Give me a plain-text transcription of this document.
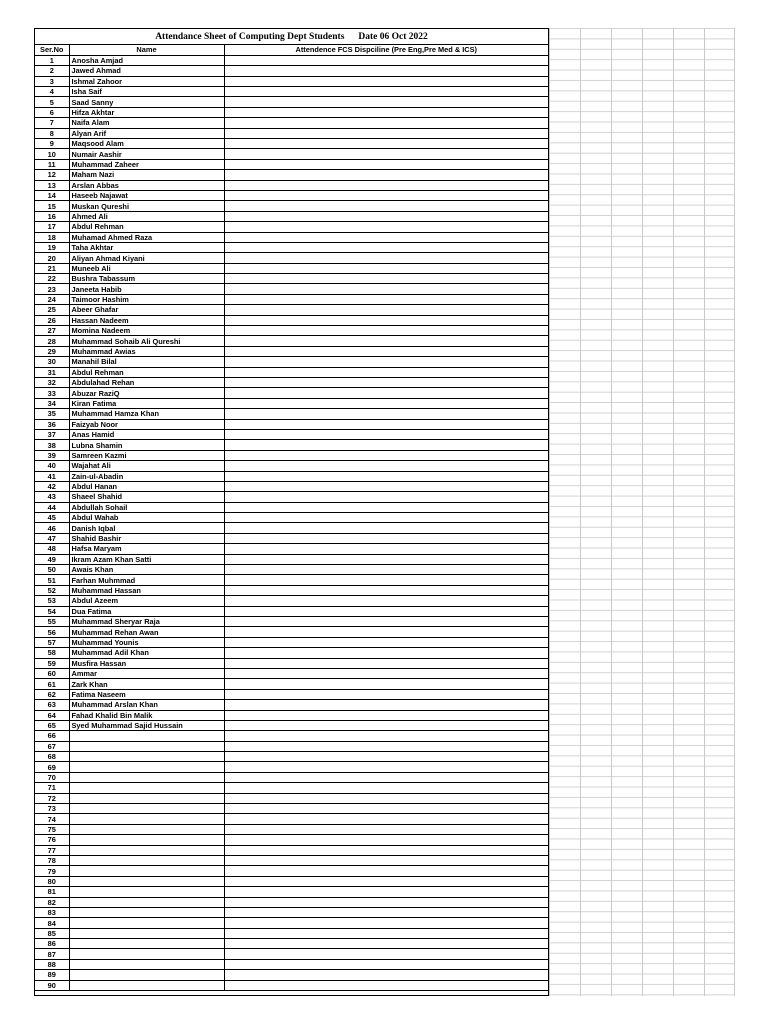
Attendance Sheet of Computing Dept Students Date 06 Oct 2022
Ser.No	Name	Attendence FCS Dispciline (Pre Eng,Pre Med & ICS)
1	Anosha Amjad	
2	Jawed Ahmad	
3	Ishmal Zahoor	
4	Isha Saif	
5	Saad Sanny	
6	Hifza Akhtar	
7	Naifa Alam	
8	Alyan Arif	
9	Maqsood Alam	
10	Numair Aashir	
11	Muhammad Zaheer	
12	Maham Nazi	
13	Arslan Abbas	
14	Haseeb Najawat	
15	Muskan Qureshi	
16	Ahmed Ali	
17	Abdul Rehman	
18	Muhamad Ahmed Raza	
19	Taha Akhtar	
20	Aliyan Ahmad Kiyani	
21	Muneeb Ali	
22	Bushra Tabassum	
23	Janeeta Habib	
24	Taimoor Hashim	
25	Abeer Ghafar	
26	Hassan Nadeem	
27	Momina Nadeem	
28	Muhammad Sohaib Ali Qureshi	
29	Muhammad Awias	
30	Manahil Bilal	
31	Abdul Rehman	
32	Abdulahad Rehan	
33	Abuzar RaziQ	
34	Kiran Fatima	
35	Muhammad Hamza Khan	
36	Faizyab Noor	
37	Anas Hamid	
38	Lubna Shamin	
39	Samreen Kazmi	
40	Wajahat Ali	
41	Zain-ul-Abadin	
42	Abdul Hanan	
43	Shaeel Shahid	
44	Abdullah Sohail	
45	Abdul Wahab	
46	Danish Iqbal	
47	Shahid Bashir	
48	Hafsa Maryam	
49	Ikram Azam Khan Satti	
50	Awais Khan	
51	Farhan Muhmmad	
52	Muhammad Hassan	
53	Abdul Azeem	
54	Dua Fatima	
55	Muhammad Sheryar Raja	
56	Muhammad Rehan Awan	
57	Muhammad Younis	
58	Muhammad Adil Khan	
59	Musfira Hassan	
60	Ammar	
61	Zark Khan	
62	Fatima Naseem	
63	Muhammad Arslan Khan	
64	Fahad Khalid Bin Malik	
65	Syed Muhammad Sajid Hussain	
66		
67		
68		
69		
70		
71		
72		
73		
74		
75		
76		
77		
78		
79		
80		
81		
82		
83		
84		
85		
86		
87		
88		
89		
90		
